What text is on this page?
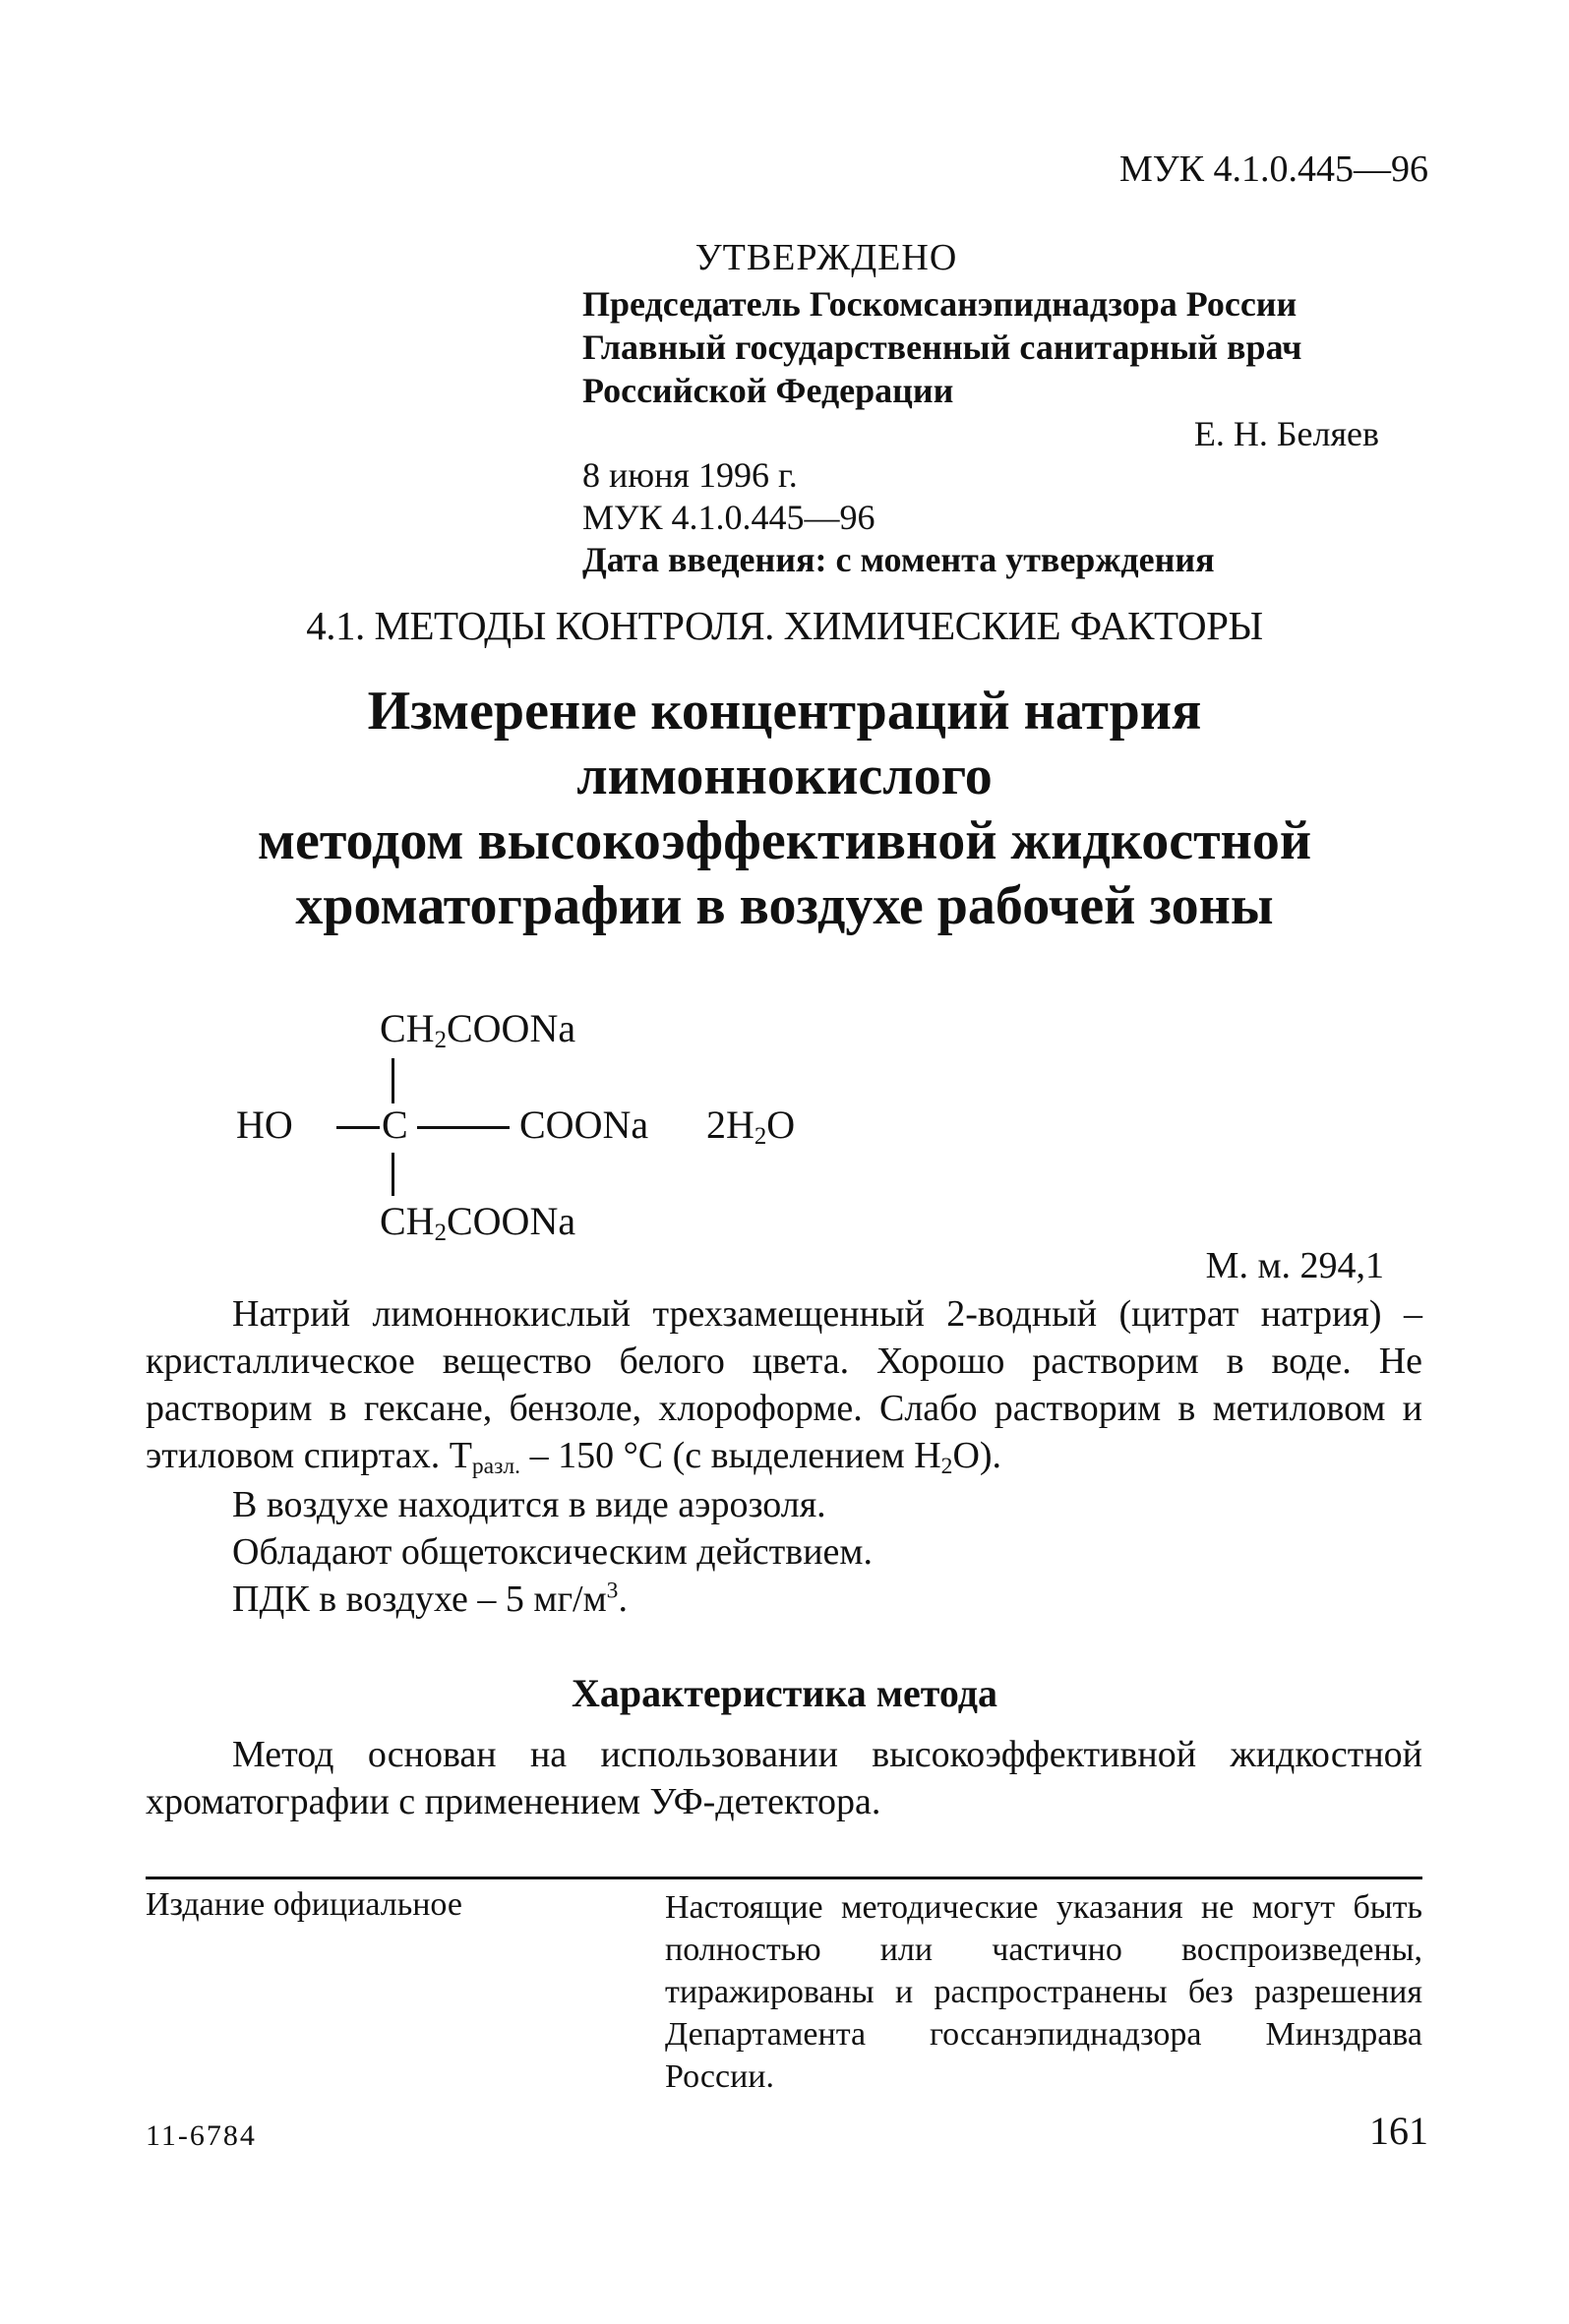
МУК 4.1.0.445—96
УТВЕРЖДЕНО
Председатель Госкомсанэпиднадзора России
Главный государственный санитарный врач
Российской Федерации
Е. Н. Беляев
8 июня 1996 г.
МУК 4.1.0.445—96
Дата введения: с момента утверждения
4.1. МЕТОДЫ КОНТРОЛЯ. ХИМИЧЕСКИЕ ФАКТОРЫ
Измерение концентраций натрия
лимоннокислого
методом высокоэффективной жидкостной
хроматографии в воздухе рабочей зоны
$CH_2COONa$
HO C	COONa $2H_2O$
$CH_2COONa$
М. м. 294,1
Натрий лимоннокислый трехзамещенный 2-водный (цитрат натрия) – кристаллическое вещество белого цвета. Хорошо растворим в воде. Не растворим в гексане, бензоле, хлороформе. Слабо растворим в метиловом и этиловом спиртах. $T_{разл.} - 150$ °С (с выделением $H_2O$).
В воздухе находится в виде аэрозоля.
Обладают общетоксическим действием.
ПДК в воздухе – 5 $мг/м^3$.
Характеристика метода
Метод основан на использовании высокоэффективной жидкостной хроматографии с применением УФ-детектора.
Издание официальное	Настоящие методические указания не могут быть полностью или частично воспроизведены, тиражированы и распространены без разрешения Департамента госсанэпиднадзора Минздрава России.
11-6784	161
